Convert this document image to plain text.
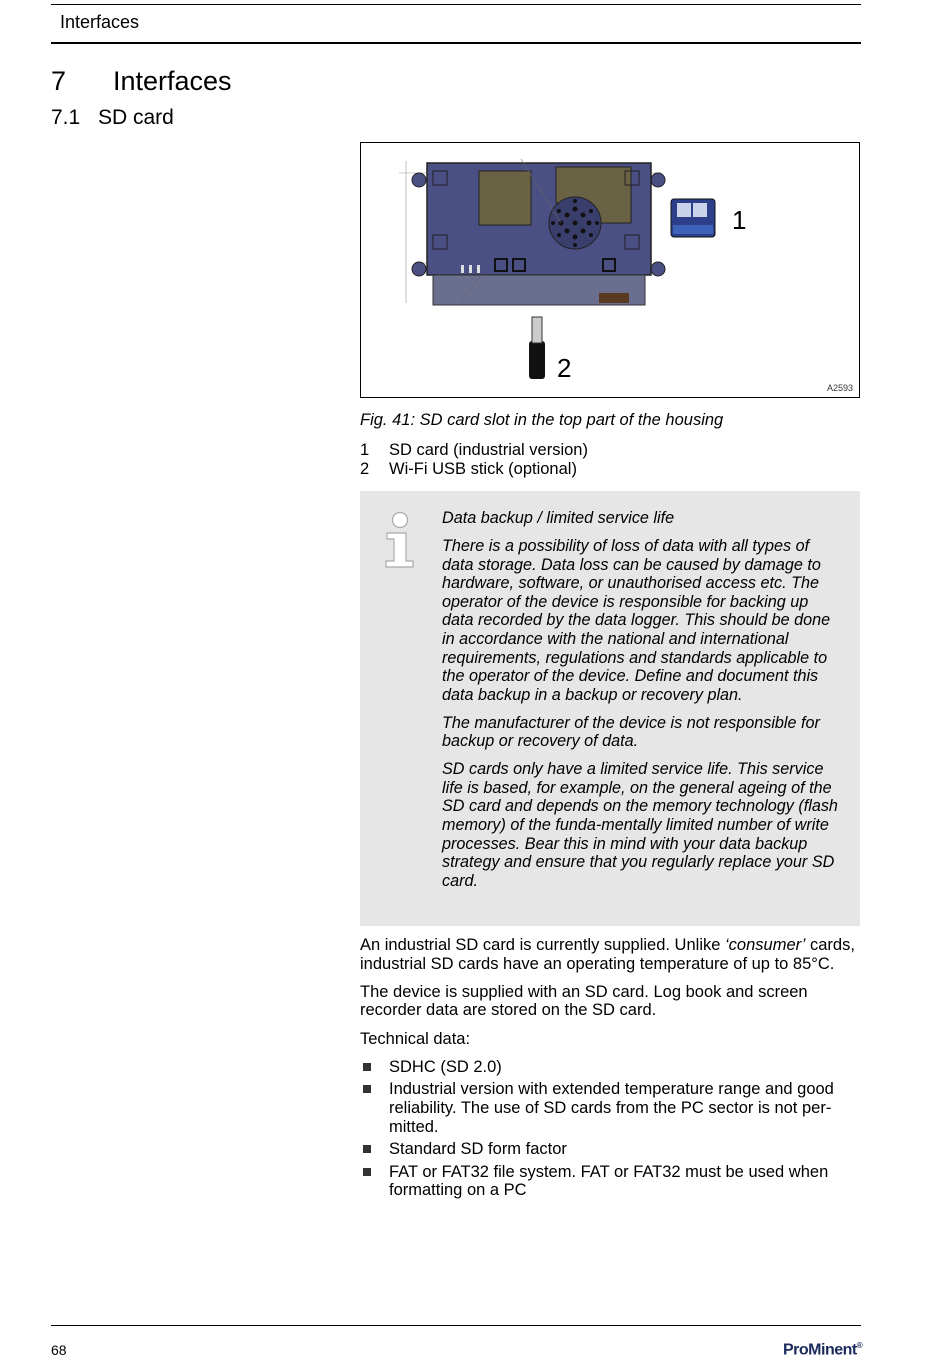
Interfaces
7 Interfaces
7.1 SD card
1
2
A2593
Fig. 41: SD card slot in the top part of the housing
1	SD card (industrial version)
2	Wi-Fi USB stick (optional)

Data backup / limited service life

There is a possibility of loss of data with all types of data storage. Data loss can be caused by damage to hardware, software, or unauthorised access etc. The operator of the device is responsible for backing up data recorded by the data logger. This should be done in accordance with the national and international requirements, regulations and standards applicable to the operator of the device. Define and document this data backup in a backup or recovery plan.

The manufacturer of the device is not responsible for backup or recovery of data.

SD cards only have a limited service life. This service life is based, for example, on the general ageing of the SD card and depends on the memory technology (flash memory) of the funda-mentally limited number of write processes. Bear this in mind with your data backup strategy and ensure that you regularly replace your SD card.

An industrial SD card is currently supplied. Unlike ‘consumer’ cards, industrial SD cards have an operating temperature of up to 85°C.

The device is supplied with an SD card. Log book and screen recorder data are stored on the SD card.

Technical data:

SDHC (SD 2.0)
Industrial version with extended temperature range and good reliability. The use of SD cards from the PC sector is not per-mitted.
Standard SD form factor
FAT or FAT32 file system. FAT or FAT32 must be used when formatting on a PC
68	ProMinent®
